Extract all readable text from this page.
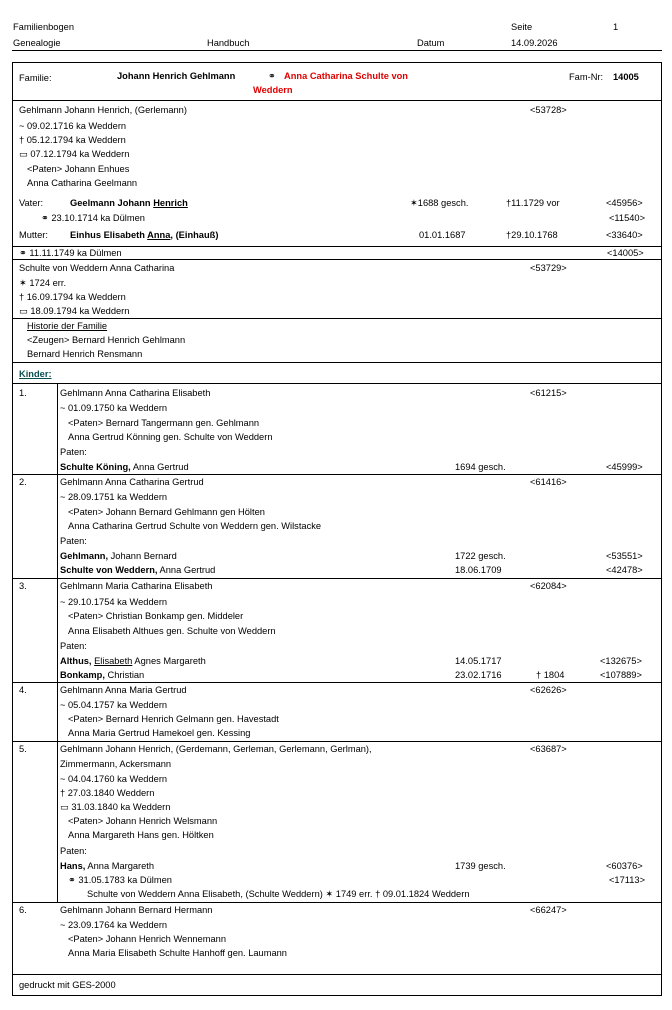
Familienbogen
Genealogie	Handbuch	Datum
Seite	1
14.09.2026
Familie:	Johann Henrich Gehlmann	⚭ Anna Catharina Schulte von
Weddern
Fam-Nr: 14005
Gehlmann Johann Henrich, (Gerlemann)	<53728>
~ 09.02.1716 ka Weddern
† 05.12.1794 ka Weddern
▭ 07.12.1794 ka Weddern
<Paten> Johann Enhues
Anna Catharina Geelmann
Vater:	Geelmann Johann Henrich	✶1688 gesch.	†11.1729 vor	<45956>
⚭ 23.10.1714 ka Dülmen	<11540>
Mutter: Einhus Elisabeth Anna, (Einhauß)	01.01.1687	†29.10.1768	<33640>
⚭ 11.11.1749 ka Dülmen	<14005>
Schulte von Weddern Anna Catharina	<53729>
✶ 1724 err.
† 16.09.1794 ka Weddern
▭ 18.09.1794 ka Weddern
Historie der Familie
<Zeugen> Bernard Henrich Gehlmann
Bernard Henrich Rensmann
Kinder:
1.	Gehlmann Anna Catharina Elisabeth	<61215>
~ 01.09.1750 ka Weddern
<Paten> Bernard Tangermann gen. Gehlmann
Anna Gertrud Könning gen. Schulte von Weddern
Paten:
Schulte Köning, Anna Gertrud	1694 gesch.	<45999>
2.	Gehlmann Anna Catharina Gertrud	<61416>
~ 28.09.1751 ka Weddern
<Paten> Johann Bernard Gehlmann gen Hölten
Anna Catharina Gertrud Schulte von Weddern gen. Wilstacke
Paten:
Gehlmann, Johann Bernard	1722 gesch.	<53551>
Schulte von Weddern, Anna Gertrud	18.06.1709	<42478>
3.	Gehlmann Maria Catharina Elisabeth	<62084>
~ 29.10.1754 ka Weddern
<Paten> Christian Bonkamp gen. Middeler
Anna Elisabeth Althues gen. Schulte von Weddern
Paten:
Althus, Elisabeth Agnes Margareth	14.05.1717	<132675>
Bonkamp, Christian	23.02.1716	† 1804	<107889>
4.	Gehlmann Anna Maria Gertrud	<62626>
~ 05.04.1757 ka Weddern
<Paten> Bernard Henrich Gelmann gen. Havestadt
Anna Maria Gertrud Hamekoel gen. Kessing
5.	Gehlmann Johann Henrich, (Gerdemann, Gerleman, Gerlemann, Gerlman),	<63687>
Zimmermann, Ackersmann
~ 04.04.1760 ka Weddern
† 27.03.1840 Weddern
▭ 31.03.1840 ka Weddern
<Paten> Johann Henrich Welsmann
Anna Margareth Hans gen. Höltken
Paten:
Hans, Anna Margareth	1739 gesch.	<60376>
⚭ 31.05.1783 ka Dülmen	<17113>
Schulte von Weddern Anna Elisabeth, (Schulte Weddern) ✶ 1749 err. † 09.01.1824 Weddern
6.	Gehlmann Johann Bernard Hermann	<66247>
~ 23.09.1764 ka Weddern
<Paten> Johann Henrich Wennemann
Anna Maria Elisabeth Schulte Hanhoff gen. Laumann
gedruckt mit GES-2000
